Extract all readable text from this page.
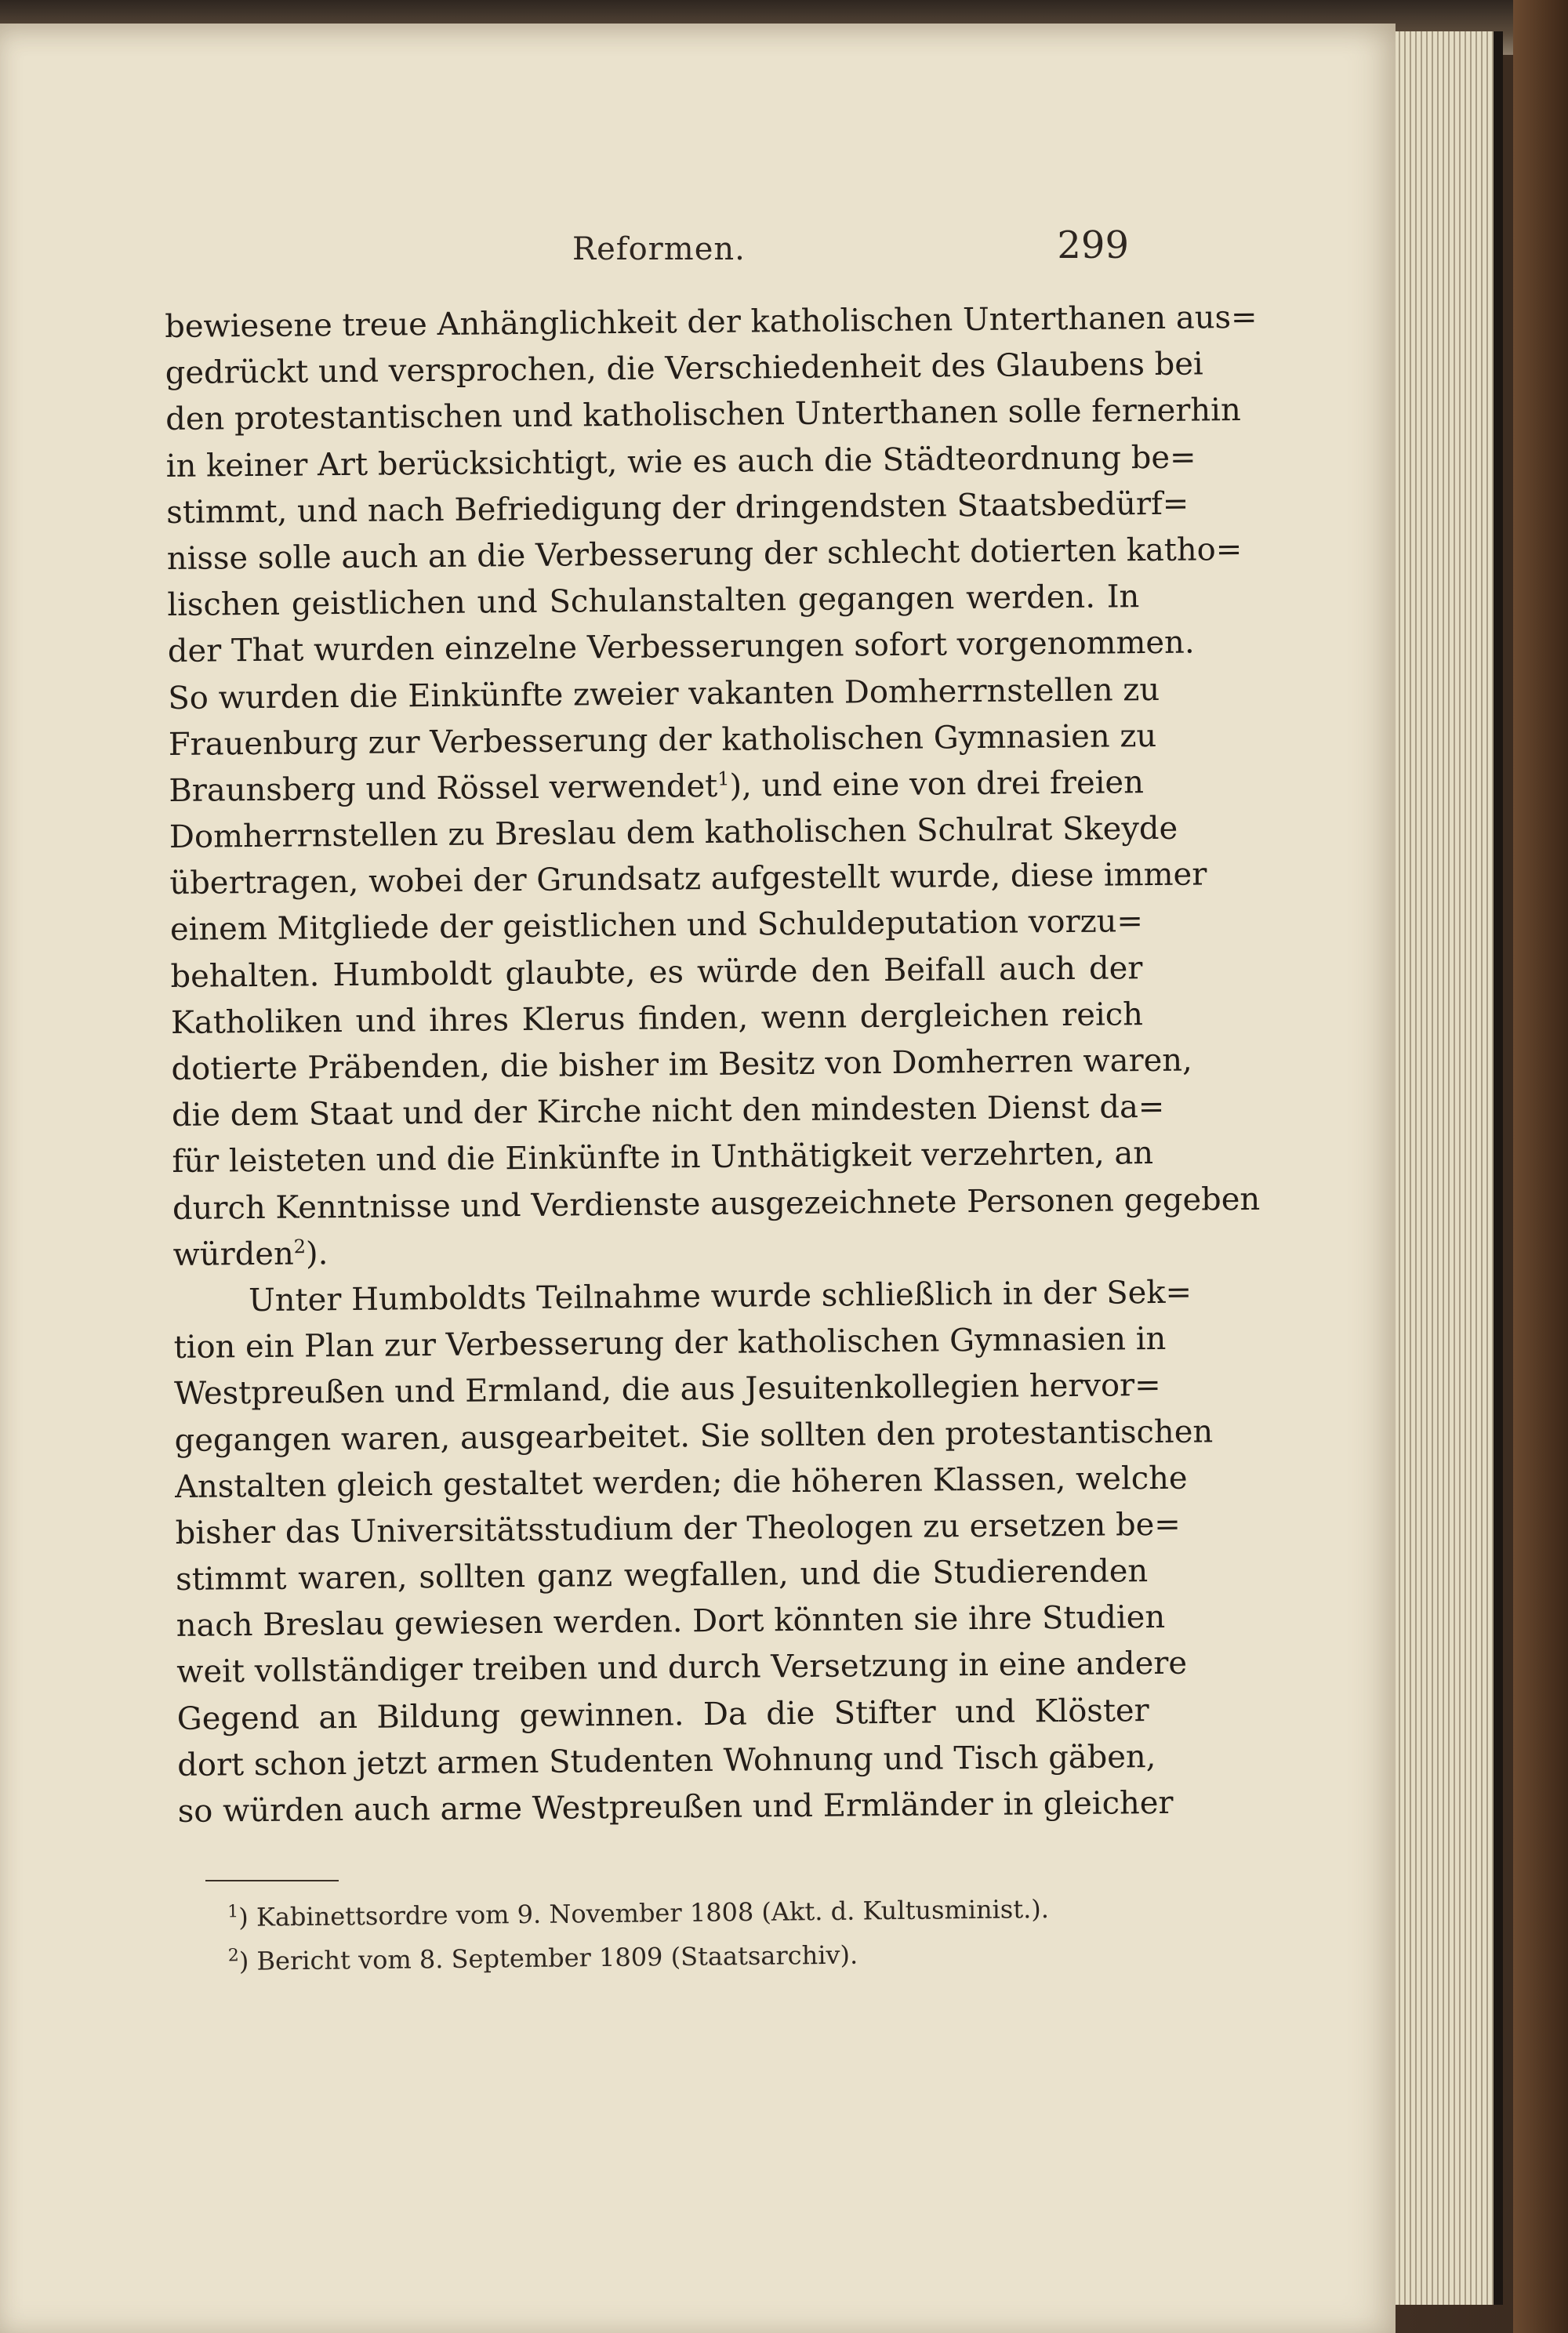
Reformen.	299
bewiesene treue Anhänglichkeit der katholischen Unterthanen aus=
gedrückt und versprochen, die Verschiedenheit des Glaubens bei
den protestantischen und katholischen Unterthanen solle fernerhin
in keiner Art berücksichtigt, wie es auch die Städteordnung be=
stimmt, und nach Befriedigung der dringendsten Staatsbedürf=
nisse solle auch an die Verbesserung der schlecht dotierten katho=
lischen geistlichen und Schulanstalten gegangen werden. In
der That wurden einzelne Verbesserungen sofort vorgenommen.
So wurden die Einkünfte zweier vakanten Domherrnstellen zu
Frauenburg zur Verbesserung der katholischen Gymnasien zu
Braunsberg und Rössel verwendet$^1$), und eine von drei freien
Domherrnstellen zu Breslau dem katholischen Schulrat Skeyde
übertragen, wobei der Grundsatz aufgestellt wurde, diese immer
einem Mitgliede der geistlichen und Schuldeputation vorzu=
behalten. Humboldt glaubte, es würde den Beifall auch der
Katholiken und ihres Klerus finden, wenn dergleichen reich
dotierte Präbenden, die bisher im Besitz von Domherren waren,
die dem Staat und der Kirche nicht den mindesten Dienst da=
für leisteten und die Einkünfte in Unthätigkeit verzehrten, an
durch Kenntnisse und Verdienste ausgezeichnete Personen gegeben
würden$^2$).
Unter Humboldts Teilnahme wurde schließlich in der Sek=
tion ein Plan zur Verbesserung der katholischen Gymnasien in
Westpreußen und Ermland, die aus Jesuitenkollegien hervor=
gegangen waren, ausgearbeitet. Sie sollten den protestantischen
Anstalten gleich gestaltet werden; die höheren Klassen, welche
bisher das Universitätsstudium der Theologen zu ersetzen be=
stimmt waren, sollten ganz wegfallen, und die Studierenden
nach Breslau gewiesen werden. Dort könnten sie ihre Studien
weit vollständiger treiben und durch Versetzung in eine andere
Gegend an Bildung gewinnen. Da die Stifter und Klöster
dort schon jetzt armen Studenten Wohnung und Tisch gäben,
so würden auch arme Westpreußen und Ermländer in gleicher
$^1$) Kabinettsordre vom 9. November 1808 (Akt. d. Kultusminist.).
$^2$) Bericht vom 8. September 1809 (Staatsarchiv).
